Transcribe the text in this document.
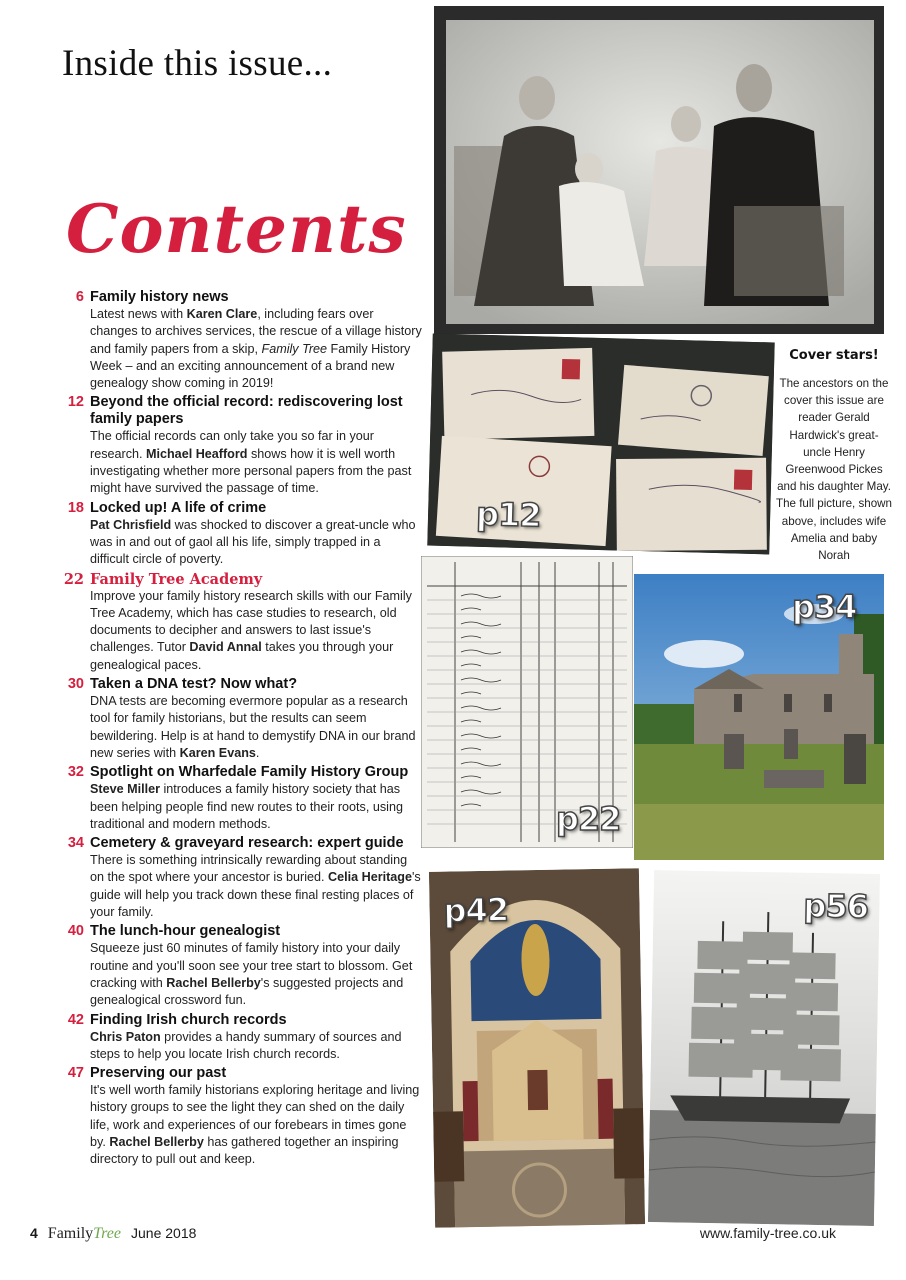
Inside this issue...
Contents
6 Family history news
Latest news with Karen Clare, including fears over changes to archives services, the rescue of a village history and family papers from a skip, Family Tree Family History Week – and an exciting announcement of a brand new genealogy show coming in 2019!
12 Beyond the official record: rediscovering lost family papers
The official records can only take you so far in your research. Michael Heafford shows how it is well worth investigating whether more personal papers from the past might have survived the passage of time.
18 Locked up! A life of crime
Pat Chrisfield was shocked to discover a great-uncle who was in and out of gaol all his life, simply trapped in a difficult circle of poverty.
22 Family Tree Academy
Improve your family history research skills with our Family Tree Academy, which has case studies to research, old documents to decipher and answers to last issue's challenges. Tutor David Annal takes you through your genealogical paces.
30 Taken a DNA test? Now what?
DNA tests are becoming evermore popular as a research tool for family historians, but the results can seem bewildering. Help is at hand to demystify DNA in our brand new series with Karen Evans.
32 Spotlight on Wharfedale Family History Group
Steve Miller introduces a family history society that has been helping people find new routes to their roots, using traditional and modern methods.
34 Cemetery & graveyard research: expert guide
There is something intrinsically rewarding about standing on the spot where your ancestor is buried. Celia Heritage's guide will help you track down these final resting places of your family.
40 The lunch-hour genealogist
Squeeze just 60 minutes of family history into your daily routine and you'll soon see your tree start to blossom. Get cracking with Rachel Bellerby's suggested projects and genealogical crossword fun.
42 Finding Irish church records
Chris Paton provides a handy summary of sources and steps to help you locate Irish church records.
47 Preserving our past
It's well worth family historians exploring heritage and living history groups to see the light they can shed on the daily life, work and experiences of our forebears in times gone by. Rachel Bellerby has gathered together an inspiring directory to pull out and keep.
p12
p22
p34
p42	p56
Cover stars!
The ancestors on the cover this issue are reader Gerald Hardwick's great-uncle Henry Greenwood Pickes and his daughter May. The full picture, shown above, includes wife Amelia and baby Norah
4 FamilyTree June 2018	www.family-tree.co.uk
